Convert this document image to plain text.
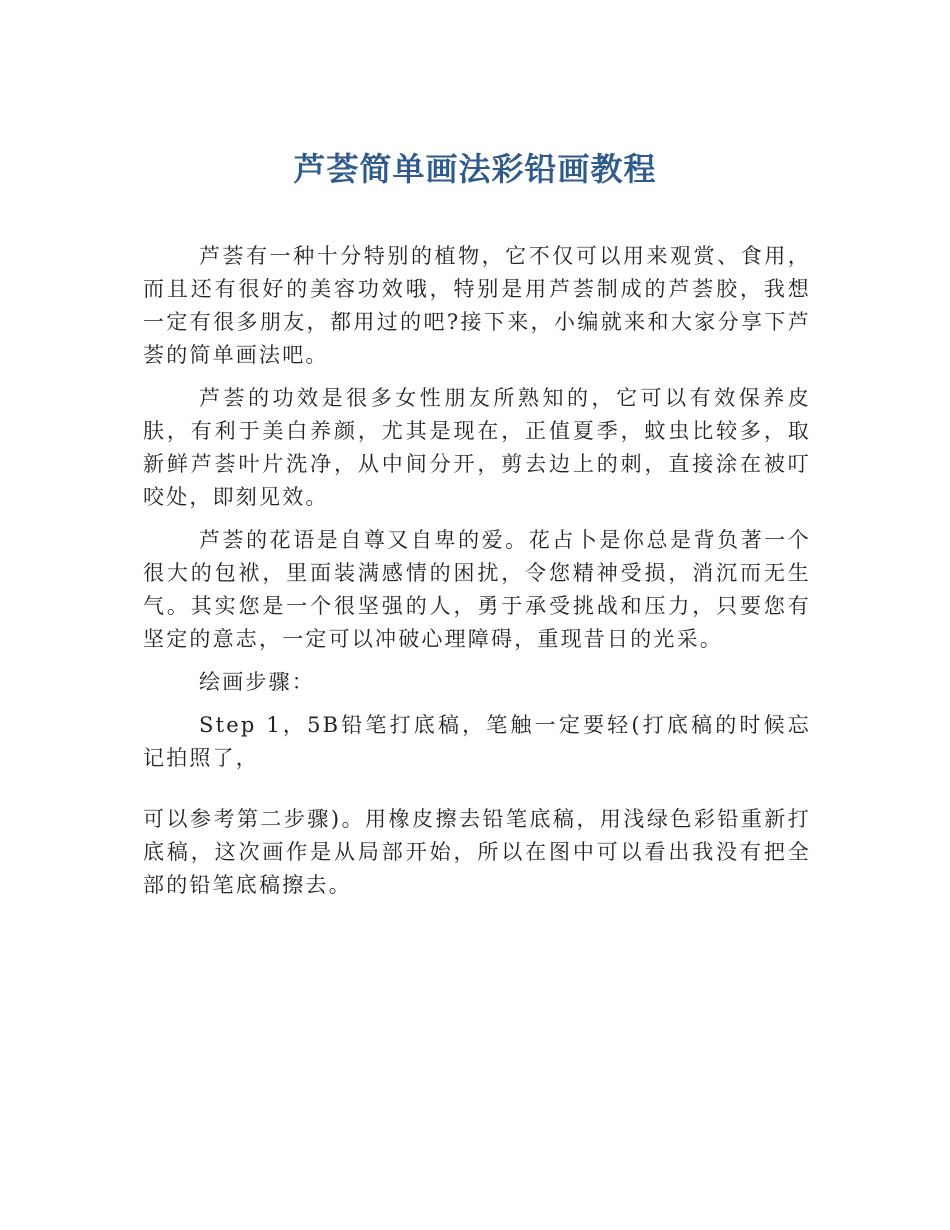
芦荟简单画法彩铅画教程

芦荟有一种十分特别的植物，它不仅可以用来观赏、食用，而且还有很好的美容功效哦，特别是用芦荟制成的芦荟胶，我想一定有很多朋友，都用过的吧?接下来，小编就来和大家分享下芦荟的简单画法吧。

芦荟的功效是很多女性朋友所熟知的，它可以有效保养皮肤，有利于美白养颜，尤其是现在，正值夏季，蚊虫比较多，取新鲜芦荟叶片洗净，从中间分开，剪去边上的刺，直接涂在被叮咬处，即刻见效。

芦荟的花语是自尊又自卑的爱。花占卜是你总是背负著一个很大的包袱，里面装满感情的困扰，令您精神受损，消沉而无生气。其实您是一个很坚强的人，勇于承受挑战和压力，只要您有坚定的意志，一定可以冲破心理障碍，重现昔日的光采。

绘画步骤：

Step 1，5B铅笔打底稿，笔触一定要轻(打底稿的时候忘记拍照了，

可以参考第二步骤)。用橡皮擦去铅笔底稿，用浅绿色彩铅重新打底稿，这次画作是从局部开始，所以在图中可以看出我没有把全部的铅笔底稿擦去。
